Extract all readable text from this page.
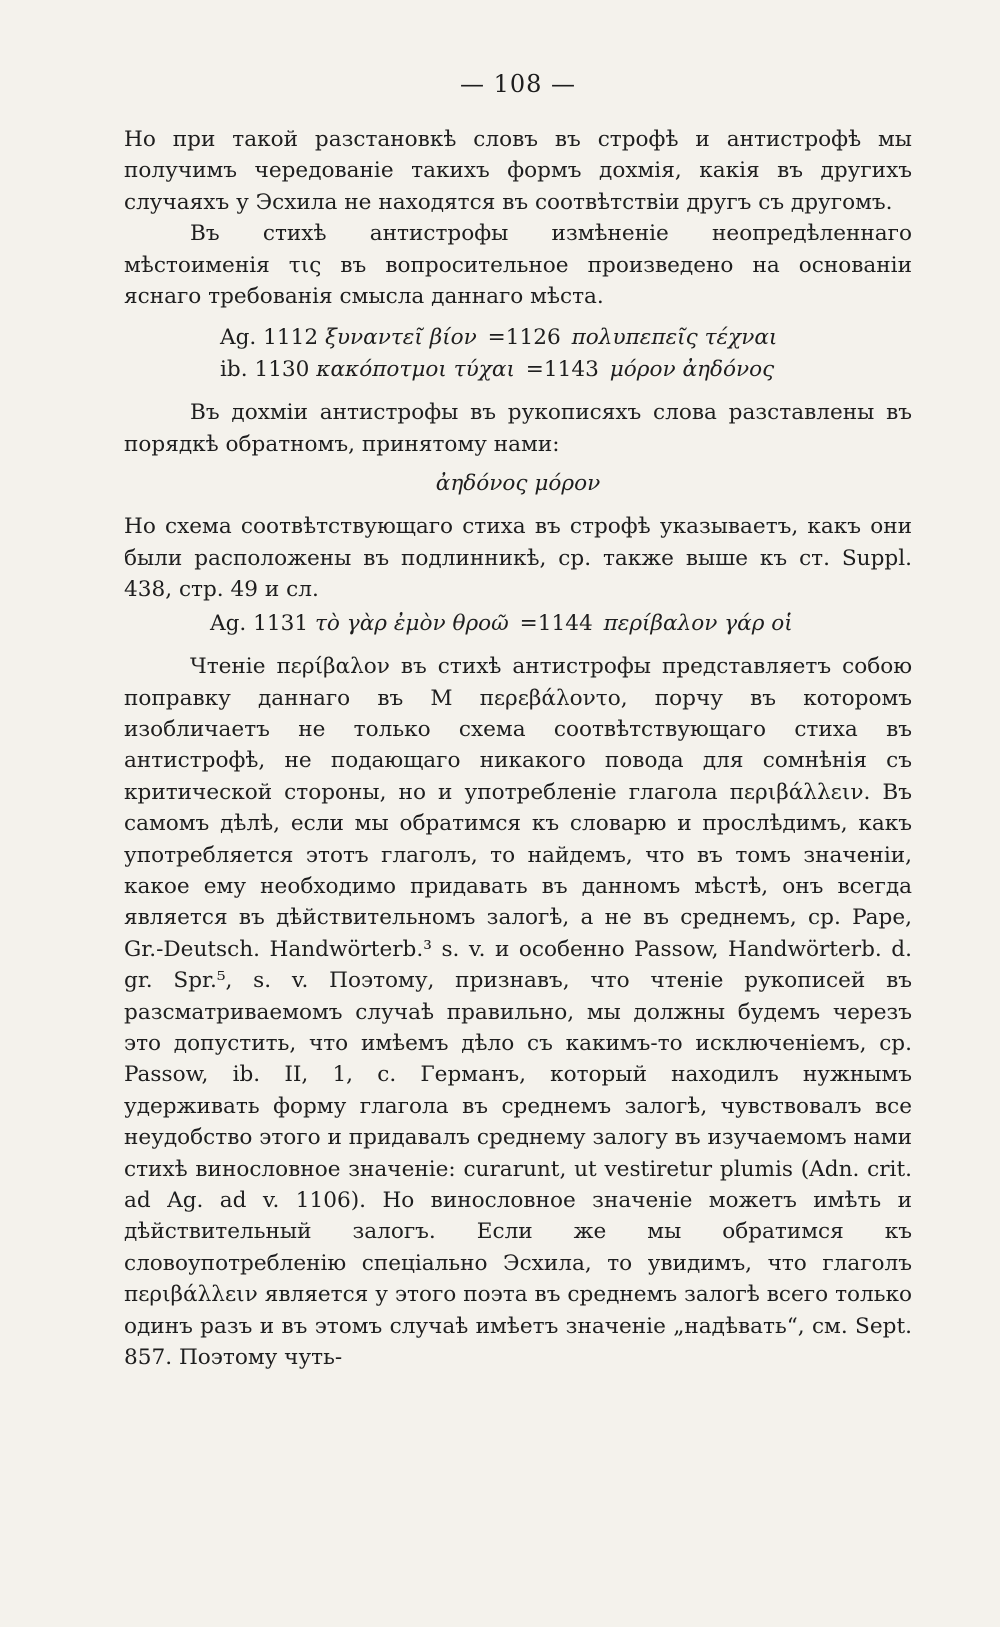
— 108 —

Но при такой разстановкѣ словъ въ строфѣ и антистрофѣ мы получимъ чередованіе такихъ формъ дохмія, какія въ другихъ случаяхъ у Эсхила не находятся въ соотвѣтствіи другъ съ другомъ.

Въ стихѣ антистрофы измѣненіе неопредѣленнаго мѣстоименія τις въ вопросительное произведено на основаніи яснаго требованія смысла даннаго мѣста.

Ag. 1112 ξυναντεῖ βίον =1126 πολυπεπεῖς τέχναι
ib. 1130 κακόποτμοι τύχαι =1143 μόρον ἀηδόνος

Въ дохміи антистрофы въ рукописяхъ слова разставлены въ порядкѣ обратномъ, принятому нами:

ἀηδόνος μόρον

Но схема соотвѣтствующаго стиха въ строфѣ указываетъ, какъ они были расположены въ подлинникѣ, ср. также выше къ ст. Suppl. 438, стр. 49 и сл.

Ag. 1131 τὸ γὰρ ἐμὸν θροῶ =1144 περίβαλον γάρ οἱ

Чтеніе περίβαλον въ стихѣ антистрофы представляетъ собою поправку даннаго въ M περεβάλοντο, порчу въ которомъ изобличаетъ не только схема соотвѣтствующаго стиха въ антистрофѣ, не подающаго никакого повода для сомнѣнія съ критической стороны, но и употребленіе глагола περιβάλλειν. Въ самомъ дѣлѣ, если мы обратимся къ словарю и прослѣдимъ, какъ употребляется этотъ глаголъ, то найдемъ, что въ томъ значеніи, какое ему необходимо придавать въ данномъ мѣстѣ, онъ всегда является въ дѣйствительномъ залогѣ, а не въ среднемъ, ср. Pape, Gr.-Deutsch. Handwörterb.³ s. v. и особенно Passow, Handwörterb. d. gr. Spr.⁵, s. v. Поэтому, признавъ, что чтеніе рукописей въ разсматриваемомъ случаѣ правильно, мы должны будемъ черезъ это допустить, что имѣемъ дѣло съ какимъ-то исключеніемъ, ср. Passow, ib. II, 1, c. Германъ, который находилъ нужнымъ удерживать форму глагола въ среднемъ залогѣ, чувствовалъ все неудобство этого и придавалъ среднему залогу въ изучаемомъ нами стихѣ винословное значеніе: curarunt, ut vestiretur plumis (Adn. crit. ad Ag. ad v. 1106). Но винословное значеніе можетъ имѣть и дѣйствительный залогъ. Если же мы обратимся къ словоупотребленію спеціально Эсхила, то увидимъ, что глаголъ περιβάλλειν является у этого поэта въ среднемъ залогѣ всего только одинъ разъ и въ этомъ случаѣ имѣетъ значеніе „надѣвать“, см. Sept. 857. Поэтому чуть-
